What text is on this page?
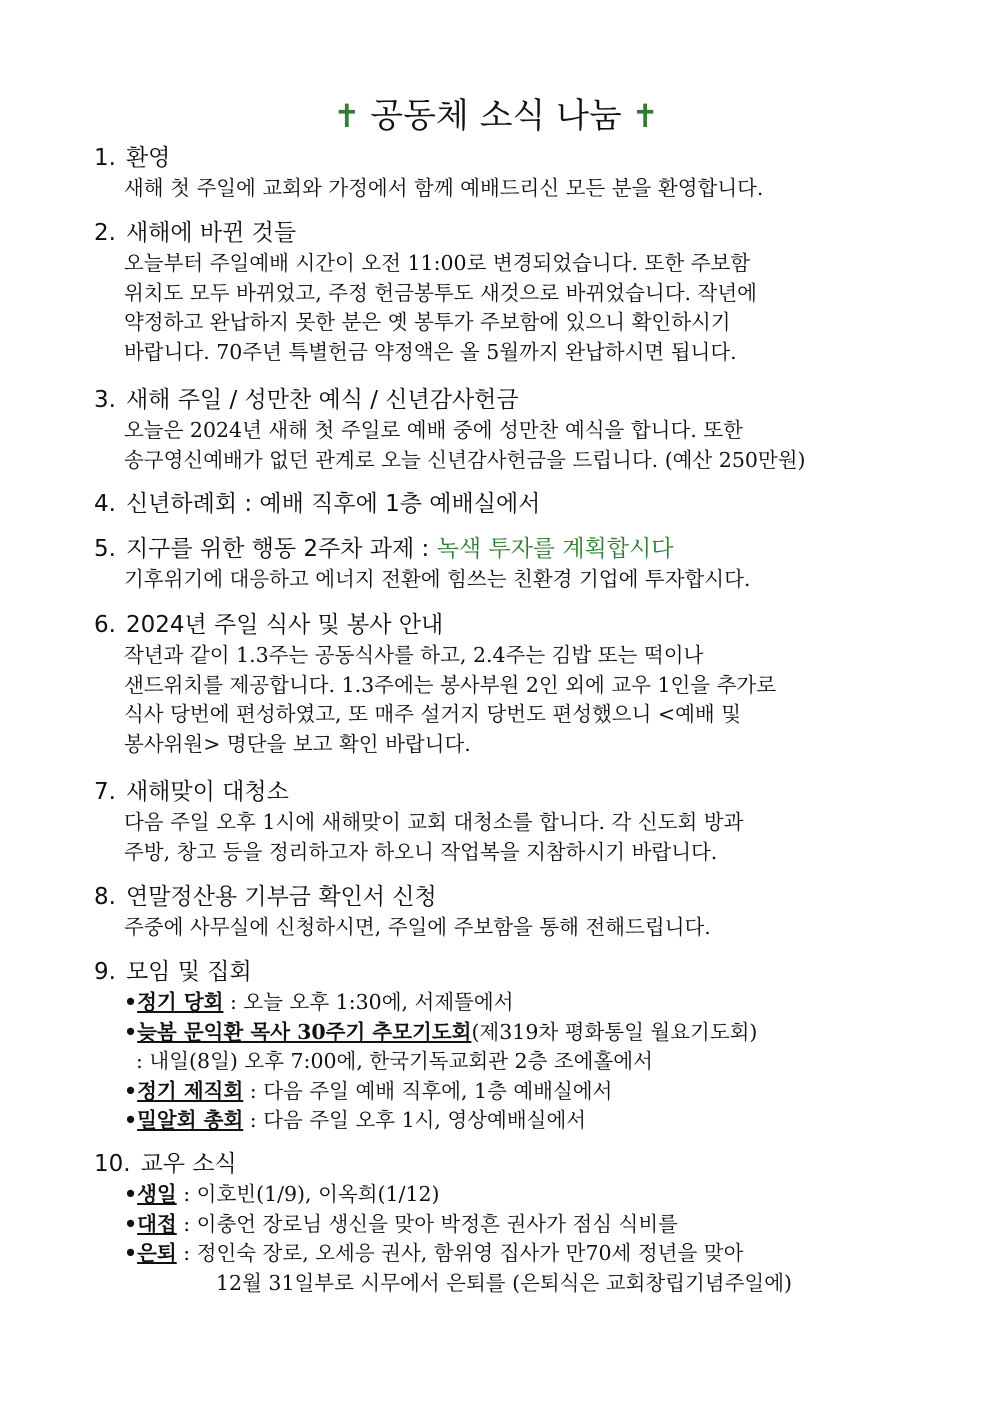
✝ 공동체 소식 나눔 ✝
1. 환영
새해 첫 주일에 교회와 가정에서 함께 예배드리신 모든 분을 환영합니다.
2. 새해에 바뀐 것들
오늘부터 주일예배 시간이 오전 11:00로 변경되었습니다. 또한 주보함
위치도 모두 바뀌었고, 주정 헌금봉투도 새것으로 바뀌었습니다. 작년에
약정하고 완납하지 못한 분은 옛 봉투가 주보함에 있으니 확인하시기
바랍니다. 70주년 특별헌금 약정액은 올 5월까지 완납하시면 됩니다.
3. 새해 주일 / 성만찬 예식 / 신년감사헌금
오늘은 2024년 새해 첫 주일로 예배 중에 성만찬 예식을 합니다. 또한
송구영신예배가 없던 관계로 오늘 신년감사헌금을 드립니다. (예산 250만원)
4. 신년하례회 : 예배 직후에 1층 예배실에서
5. 지구를 위한 행동 2주차 과제 : 녹색 투자를 계획합시다
기후위기에 대응하고 에너지 전환에 힘쓰는 친환경 기업에 투자합시다.
6. 2024년 주일 식사 및 봉사 안내
작년과 같이 1.3주는 공동식사를 하고, 2.4주는 김밥 또는 떡이나
샌드위치를 제공합니다. 1.3주에는 봉사부원 2인 외에 교우 1인을 추가로
식사 당번에 편성하였고, 또 매주 설거지 당번도 편성했으니 <예배 및
봉사위원> 명단을 보고 확인 바랍니다.
7. 새해맞이 대청소
다음 주일 오후 1시에 새해맞이 교회 대청소를 합니다. 각 신도회 방과
주방, 창고 등을 정리하고자 하오니 작업복을 지참하시기 바랍니다.
8. 연말정산용 기부금 확인서 신청
주중에 사무실에 신청하시면, 주일에 주보함을 통해 전해드립니다.
9. 모임 및 집회
•정기 당회 : 오늘 오후 1:30에, 서제뜰에서
•늦봄 문익환 목사 30주기 추모기도회(제319차 평화통일 월요기도회)
: 내일(8일) 오후 7:00에, 한국기독교회관 2층 조에홀에서
•정기 제직회 : 다음 주일 예배 직후에, 1층 예배실에서
•밀알회 총회 : 다음 주일 오후 1시, 영상예배실에서
10. 교우 소식
•생일 : 이호빈(1/9), 이옥희(1/12)
•대접 : 이충언 장로님 생신을 맞아 박정흔 권사가 점심 식비를
•은퇴 : 정인숙 장로, 오세응 권사, 함위영 집사가 만70세 정년을 맞아
12월 31일부로 시무에서 은퇴를 (은퇴식은 교회창립기념주일에)
